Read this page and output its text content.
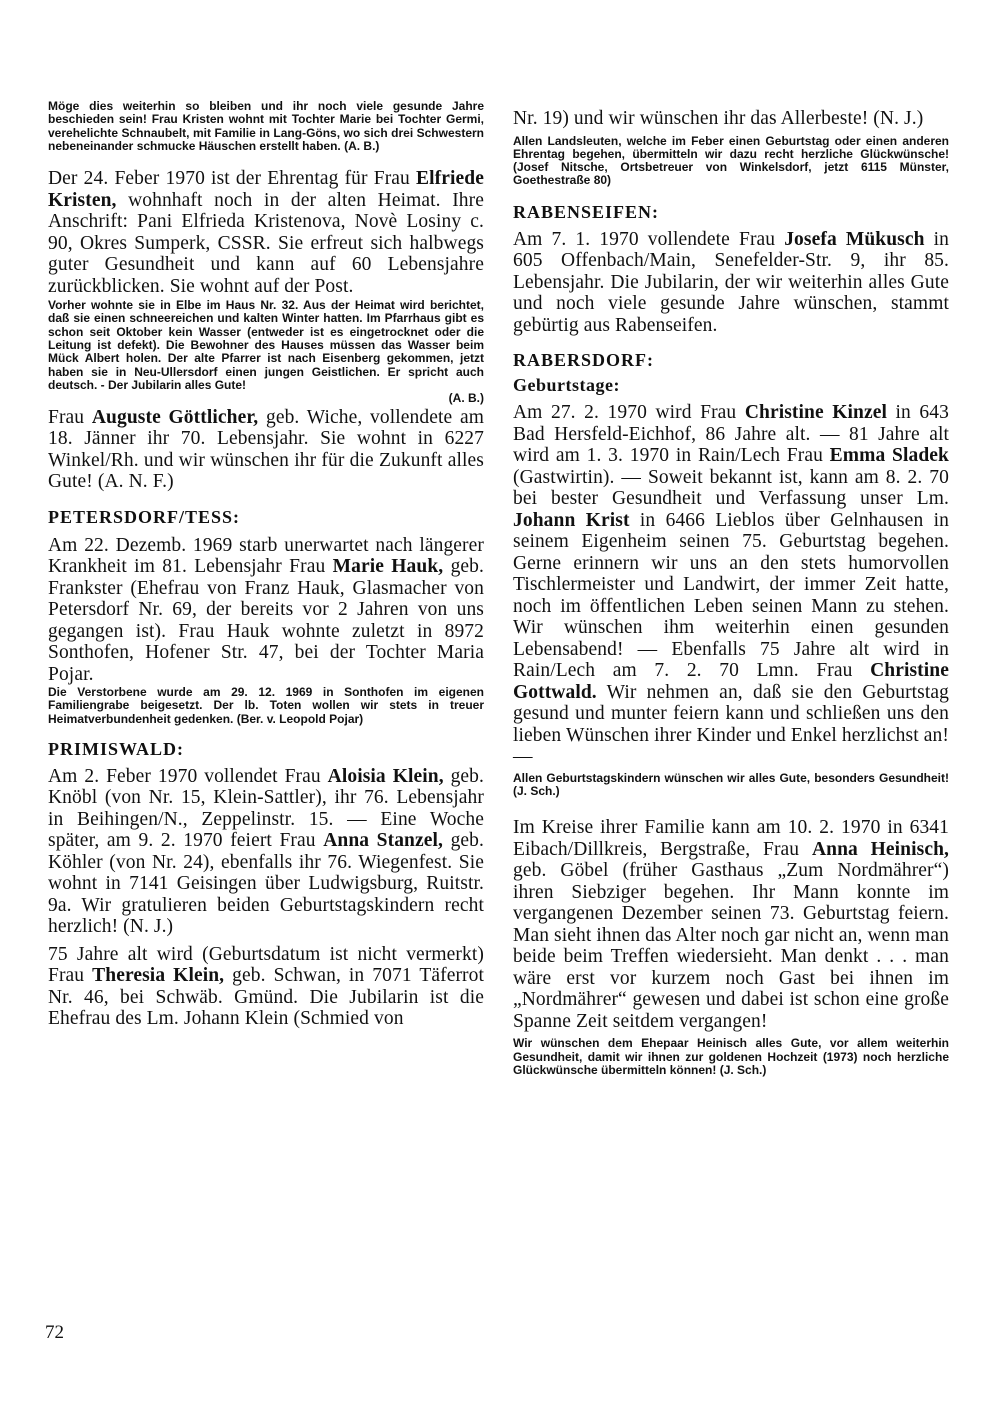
Möge dies weiterhin so bleiben und ihr noch viele gesunde Jahre beschieden sein! Frau Kristen wohnt mit Tochter Marie bei Tochter Germi, verehelichte Schnaubelt, mit Familie in Lang-Göns, wo sich drei Schwestern nebeneinander schmucke Häuschen erstellt haben. (A. B.)

Der 24. Feber 1970 ist der Ehrentag für Frau Elfriede Kristen, wohnhaft noch in der alten Heimat. Ihre Anschrift: Pani Elfrieda Kristenova, Novè Losiny c. 90, Okres Sumperk, CSSR. Sie erfreut sich halbwegs guter Gesundheit und kann auf 60 Lebensjahre zurückblicken. Sie wohnt auf der Post.

Vorher wohnte sie in Elbe im Haus Nr. 32. Aus der Heimat wird berichtet, daß sie einen schneereichen und kalten Winter hatten. Im Pfarrhaus gibt es schon seit Oktober kein Wasser (entweder ist es eingetrocknet oder die Leitung ist defekt). Die Bewohner des Hauses müssen das Wasser beim Mück Albert holen. Der alte Pfarrer ist nach Eisenberg gekommen, jetzt haben sie in Neu-Ullersdorf einen jungen Geistlichen. Er spricht auch deutsch. - Der Jubilarin alles Gute!

(A. B.)

Frau Auguste Göttlicher, geb. Wiche, vollendete am 18. Jänner ihr 70. Lebensjahr. Sie wohnt in 6227 Winkel/Rh. und wir wünschen ihr für die Zukunft alles Gute! (A. N. F.)

PETERSDORF/TESS:

Am 22. Dezemb. 1969 starb unerwartet nach längerer Krankheit im 81. Lebensjahr Frau Marie Hauk, geb. Frankster (Ehefrau von Franz Hauk, Glasmacher von Petersdorf Nr. 69, der bereits vor 2 Jahren von uns gegangen ist). Frau Hauk wohnte zuletzt in 8972 Sonthofen, Hofener Str. 47, bei der Tochter Maria Pojar.

Die Verstorbene wurde am 29. 12. 1969 in Sonthofen im eigenen Familiengrabe beigesetzt. Der lb. Toten wollen wir stets in treuer Heimatverbundenheit gedenken. (Ber. v. Leopold Pojar)

PRIMISWALD:

Am 2. Feber 1970 vollendet Frau Aloisia Klein, geb. Knöbl (von Nr. 15, Klein-Sattler), ihr 76. Lebensjahr in Beihingen/N., Zeppelinstr. 15. — Eine Woche später, am 9. 2. 1970 feiert Frau Anna Stanzel, geb. Köhler (von Nr. 24), ebenfalls ihr 76. Wiegenfest. Sie wohnt in 7141 Geisingen über Ludwigsburg, Ruitstr. 9a. Wir gratulieren beiden Geburtstagskindern recht herzlich! (N. J.)

75 Jahre alt wird (Geburtsdatum ist nicht vermerkt) Frau Theresia Klein, geb. Schwan, in 7071 Täferrot Nr. 46, bei Schwäb. Gmünd. Die Jubilarin ist die Ehefrau des Lm. Johann Klein (Schmied von

Nr. 19) und wir wünschen ihr das Allerbeste! (N. J.)

Allen Landsleuten, welche im Feber einen Geburtstag oder einen anderen Ehrentag begehen, übermitteln wir dazu recht herzliche Glückwünsche! (Josef Nitsche, Ortsbetreuer von Winkelsdorf, jetzt 6115 Münster, Goethestraße 80)

RABENSEIFEN:

Am 7. 1. 1970 vollendete Frau Josefa Mükusch in 605 Offenbach/Main, Senefelder-Str. 9, ihr 85. Lebensjahr. Die Jubilarin, der wir weiterhin alles Gute und noch viele gesunde Jahre wünschen, stammt gebürtig aus Rabenseifen.

RABERSDORF:
Geburtstage:

Am 27. 2. 1970 wird Frau Christine Kinzel in 643 Bad Hersfeld-Eichhof, 86 Jahre alt. — 81 Jahre alt wird am 1. 3. 1970 in Rain/Lech Frau Emma Sladek (Gastwirtin). — Soweit bekannt ist, kann am 8. 2. 70 bei bester Gesundheit und Verfassung unser Lm. Johann Krist in 6466 Lieblos über Gelnhausen in seinem Eigenheim seinen 75. Geburtstag begehen. Gerne erinnern wir uns an den stets humorvollen Tischlermeister und Landwirt, der immer Zeit hatte, noch im öffentlichen Leben seinen Mann zu stehen. Wir wünschen ihm weiterhin einen gesunden Lebensabend! — Ebenfalls 75 Jahre alt wird in Rain/Lech am 7. 2. 70 Lmn. Frau Christine Gottwald. Wir nehmen an, daß sie den Geburtstag gesund und munter feiern kann und schließen uns den lieben Wünschen ihrer Kinder und Enkel herzlichst an! —

Allen Geburtstagskindern wünschen wir alles Gute, besonders Gesundheit! (J. Sch.)

Im Kreise ihrer Familie kann am 10. 2. 1970 in 6341 Eibach/Dillkreis, Bergstraße, Frau Anna Heinisch, geb. Göbel (früher Gasthaus „Zum Nordmährer“) ihren Siebziger begehen. Ihr Mann konnte im vergangenen Dezember seinen 73. Geburtstag feiern. Man sieht ihnen das Alter noch gar nicht an, wenn man beide beim Treffen wiedersieht. Man denkt . . . man wäre erst vor kurzem noch Gast bei ihnen im „Nordmährer“ gewesen und dabei ist schon eine große Spanne Zeit seitdem vergangen!

Wir wünschen dem Ehepaar Heinisch alles Gute, vor allem weiterhin Gesundheit, damit wir ihnen zur goldenen Hochzeit (1973) noch herzliche Glückwünsche übermitteln können! (J. Sch.)

72
